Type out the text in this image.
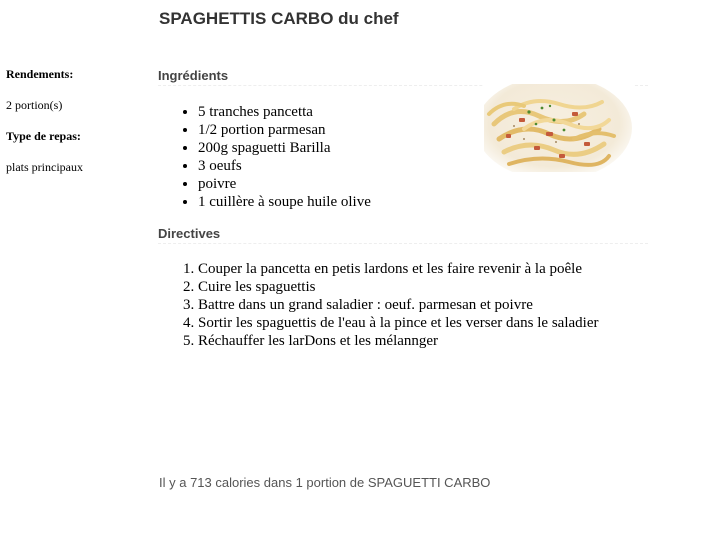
SPAGHETTIS CARBO du chef
Rendements:
2 portion(s)
Type de repas:
plats principaux
Ingrédients
• 5 tranches pancetta
• 1/2 portion parmesan
• 200g spaguetti Barilla
• 3 oeufs
• poivre
• 1 cuillère à soupe huile olive
Directives
1. Couper la pancetta en petis lardons et les faire revenir à la poêle
2. Cuire les spaguettis
3. Battre dans un grand saladier : oeuf. parmesan et poivre
4. Sortir les spaguettis de l'eau à la pince et les verser dans le saladier
5. Réchauffer les larDons et les mélannger
Il y a 713 calories dans 1 portion de SPAGUETTI CARBO
